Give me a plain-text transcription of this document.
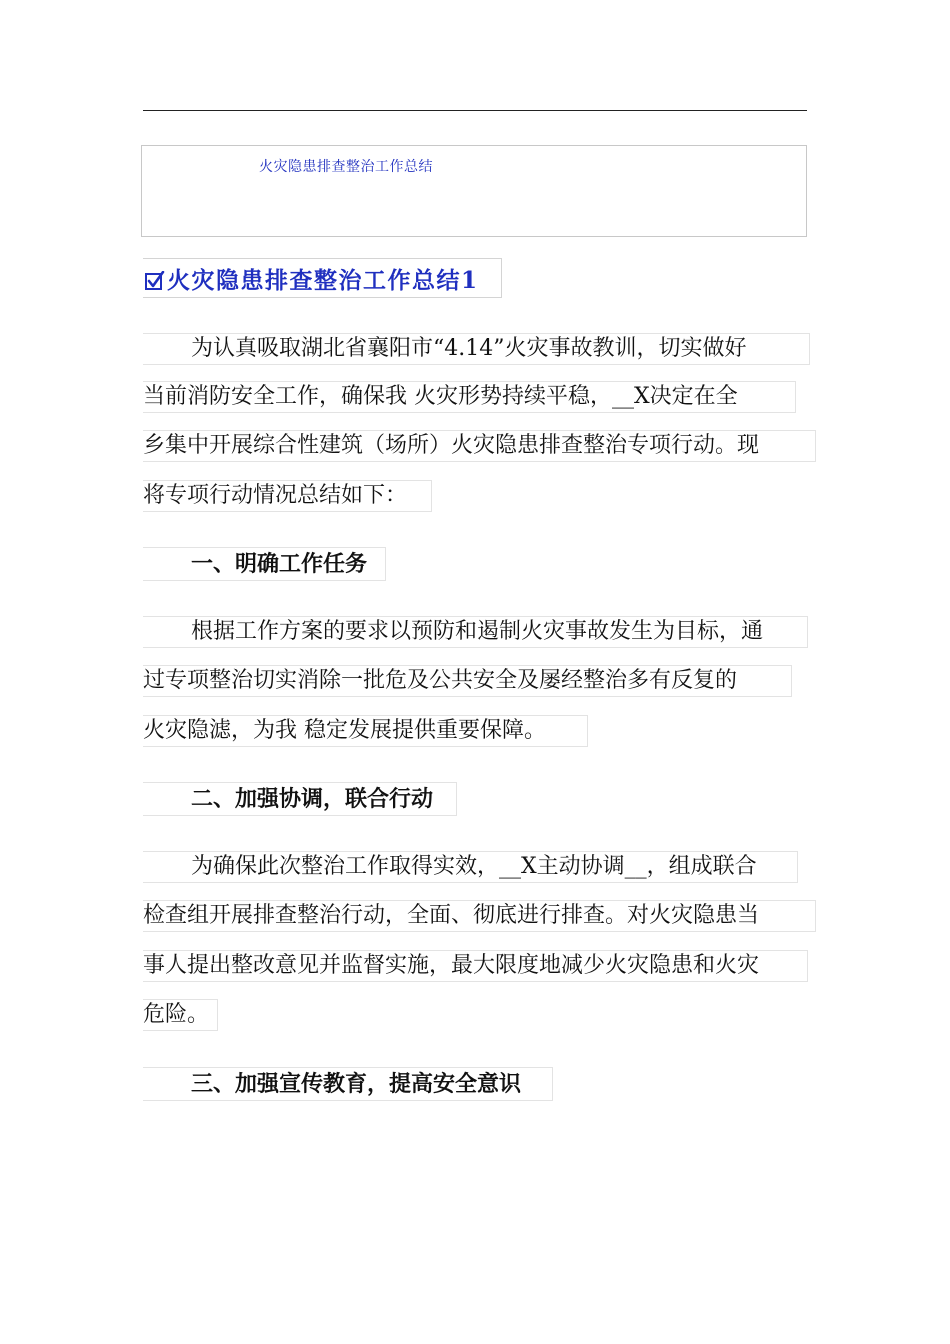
火灾隐患排查整治工作总结
火灾隐患排查整治工作总结1
为认真吸取湖北省襄阳市“4.14”火灾事故教训，切实做好
当前消防安全工作，确保我 火灾形势持续平稳，__X决定在全
乡集中开展综合性建筑（场所）火灾隐患排查整治专项行动。现
将专项行动情况总结如下：
一、明确工作任务
根据工作方案的要求以预防和遏制火灾事故发生为目标，通
过专项整治切实消除一批危及公共安全及屡经整治多有反复的
火灾隐滤，为我 稳定发展提供重要保障。
二、加强协调，联合行动
为确保此次整治工作取得实效，__X主动协调__，组成联合
检查组开展排查整治行动，全面、彻底进行排查。对火灾隐患当
事人提出整改意见并监督实施，最大限度地减少火灾隐患和火灾
危险。
三、加强宣传教育，提高安全意识
